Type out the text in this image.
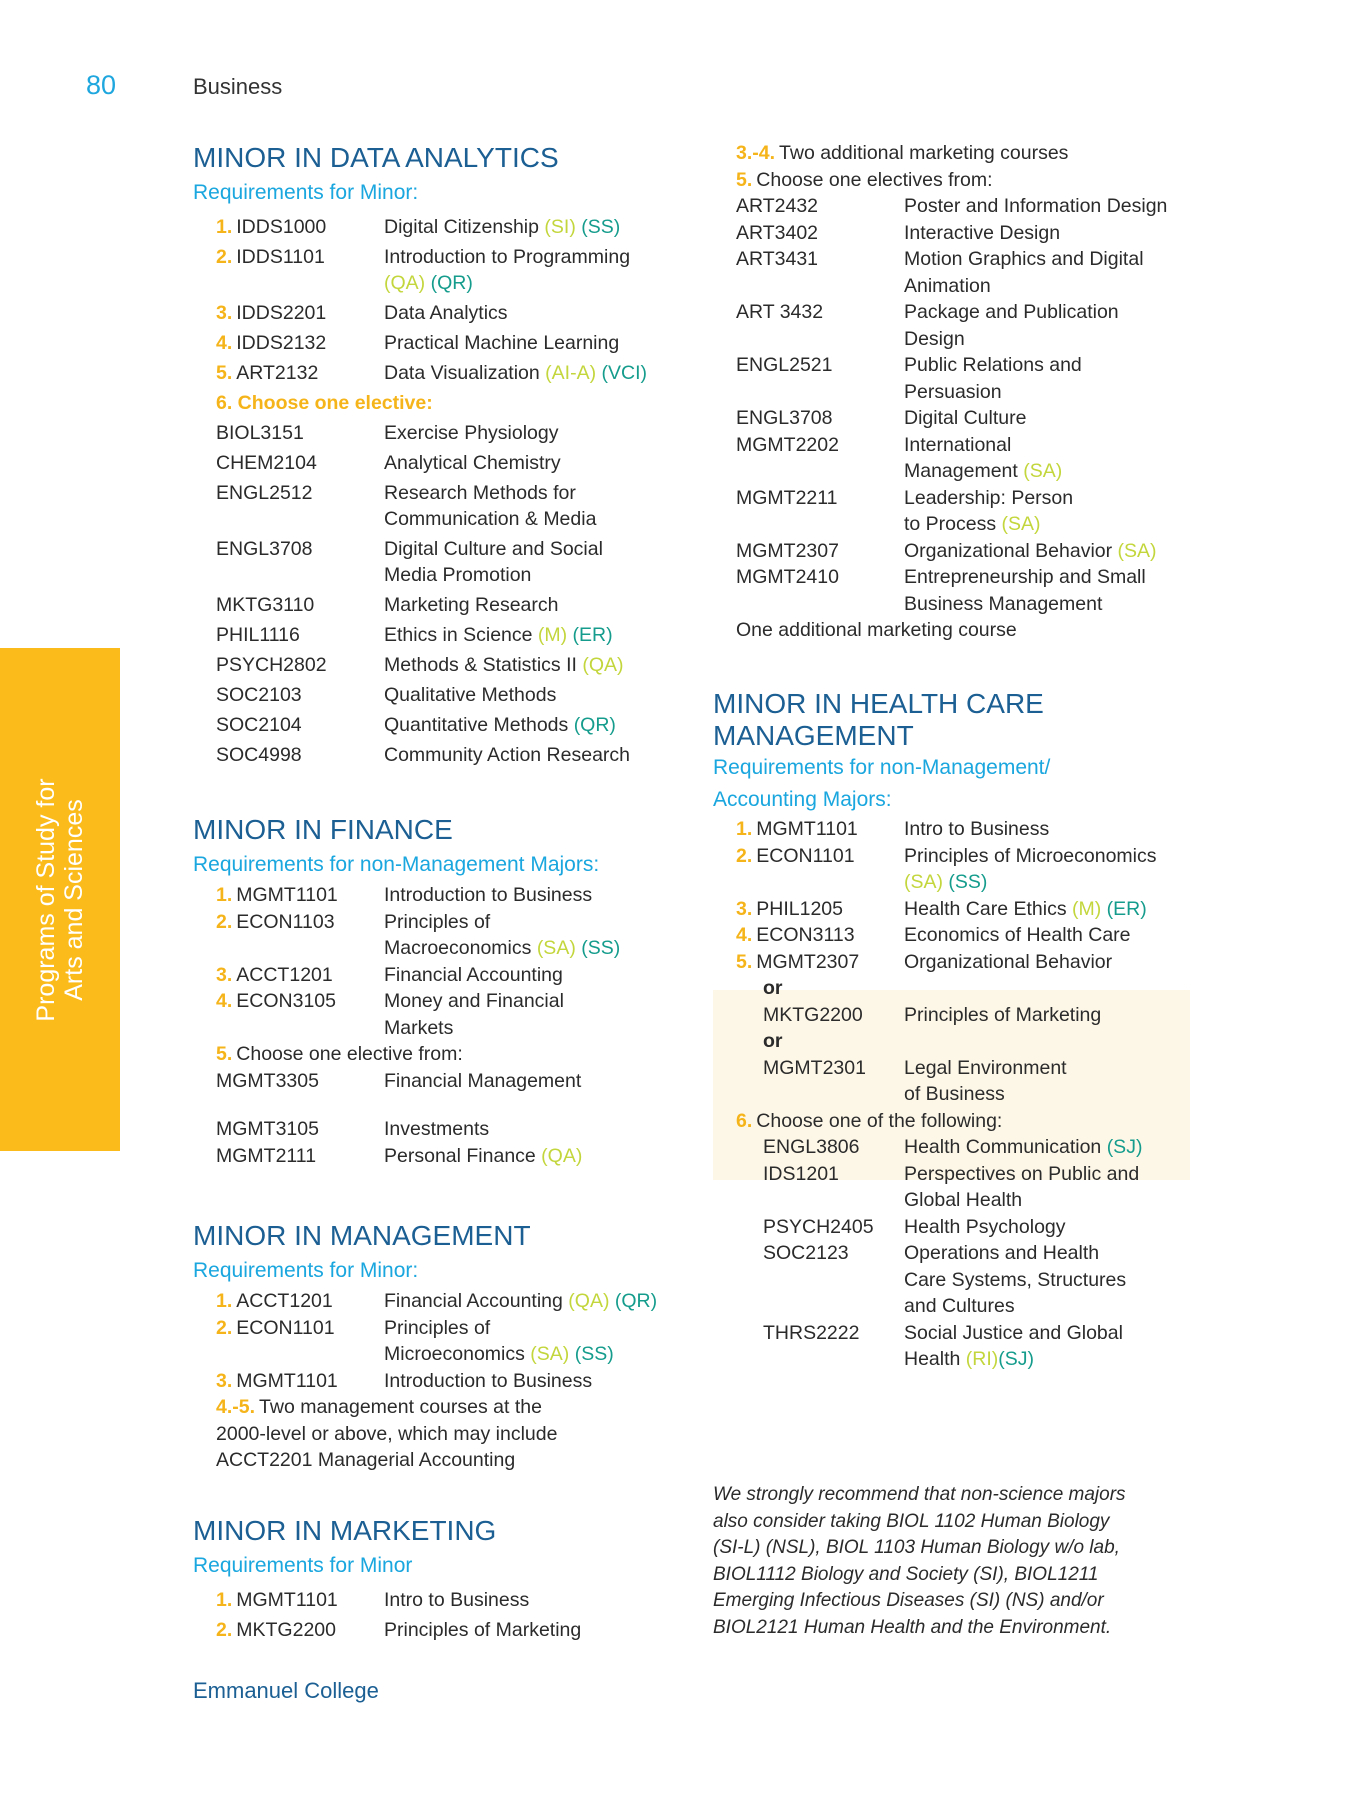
80	Business
Programs of Study for
Arts and Sciences
MINOR IN DATA ANALYTICS
Requirements for Minor:
1. IDDS1000	Digital Citizenship (SI) (SS)
2. IDDS1101	Introduction to Programming
(QA) (QR)
3. IDDS2201	Data Analytics
4. IDDS2132	Practical Machine Learning
5. ART2132	Data Visualization (AI-A) (VCI)
6. Choose one elective:
BIOL3151	Exercise Physiology
CHEM2104	Analytical Chemistry
ENGL2512	Research Methods for
Communication & Media
ENGL3708	Digital Culture and Social
Media Promotion
MKTG3110	Marketing Research
PHIL1116	Ethics in Science (M) (ER)
PSYCH2802	Methods & Statistics II (QA)
SOC2103	Qualitative Methods
SOC2104	Quantitative Methods (QR)
SOC4998	Community Action Research
MINOR IN FINANCE
Requirements for non-Management Majors:
1. MGMT1101	Introduction to Business
2. ECON1103	Principles of
Macroeconomics (SA) (SS)
3. ACCT1201	Financial Accounting
4. ECON3105	Money and Financial
Markets
5. Choose one elective from:
MGMT3305	Financial Management
MGMT3105	Investments
MGMT2111	Personal Finance (QA)
MINOR IN MANAGEMENT
Requirements for Minor:
1. ACCT1201	Financial Accounting (QA) (QR)
2. ECON1101	Principles of
Microeconomics (SA) (SS)
3. MGMT1101	Introduction to Business
4.-5. Two management courses at the
2000-level or above, which may include
ACCT2201 Managerial Accounting
MINOR IN MARKETING
Requirements for Minor
1. MGMT1101	Intro to Business
2. MKTG2200	Principles of Marketing
3.-4. Two additional marketing courses
5. Choose one electives from:
ART2432	Poster and Information Design
ART3402	Interactive Design
ART3431	Motion Graphics and Digital
Animation
ART 3432	Package and Publication
Design
ENGL2521	Public Relations and
Persuasion
ENGL3708	Digital Culture
MGMT2202	International
Management (SA)
MGMT2211	Leadership: Person
to Process (SA)
MGMT2307	Organizational Behavior (SA)
MGMT2410	Entrepreneurship and Small
Business Management
One additional marketing course
MINOR IN HEALTH CARE
MANAGEMENT
Requirements for non-Management/
Accounting Majors:
1. MGMT1101	Intro to Business
2. ECON1101	Principles of Microeconomics
(SA) (SS)
3. PHIL1205	Health Care Ethics (M) (ER)
4. ECON3113	Economics of Health Care
5. MGMT2307	Organizational Behavior
or
MKTG2200	Principles of Marketing
or
MGMT2301	Legal Environment
of Business
6. Choose one of the following:
ENGL3806	Health Communication (SJ)
IDS1201	Perspectives on Public and
Global Health
PSYCH2405	Health Psychology
SOC2123	Operations and Health
Care Systems, Structures
and Cultures
THRS2222	Social Justice and Global
Health (RI)(SJ)
We strongly recommend that non-science majors
also consider taking BIOL 1102 Human Biology
(SI-L) (NSL), BIOL 1103 Human Biology w/o lab,
BIOL1112 Biology and Society (SI), BIOL1211
Emerging Infectious Diseases (SI) (NS) and/or
BIOL2121 Human Health and the Environment.
Emmanuel College
